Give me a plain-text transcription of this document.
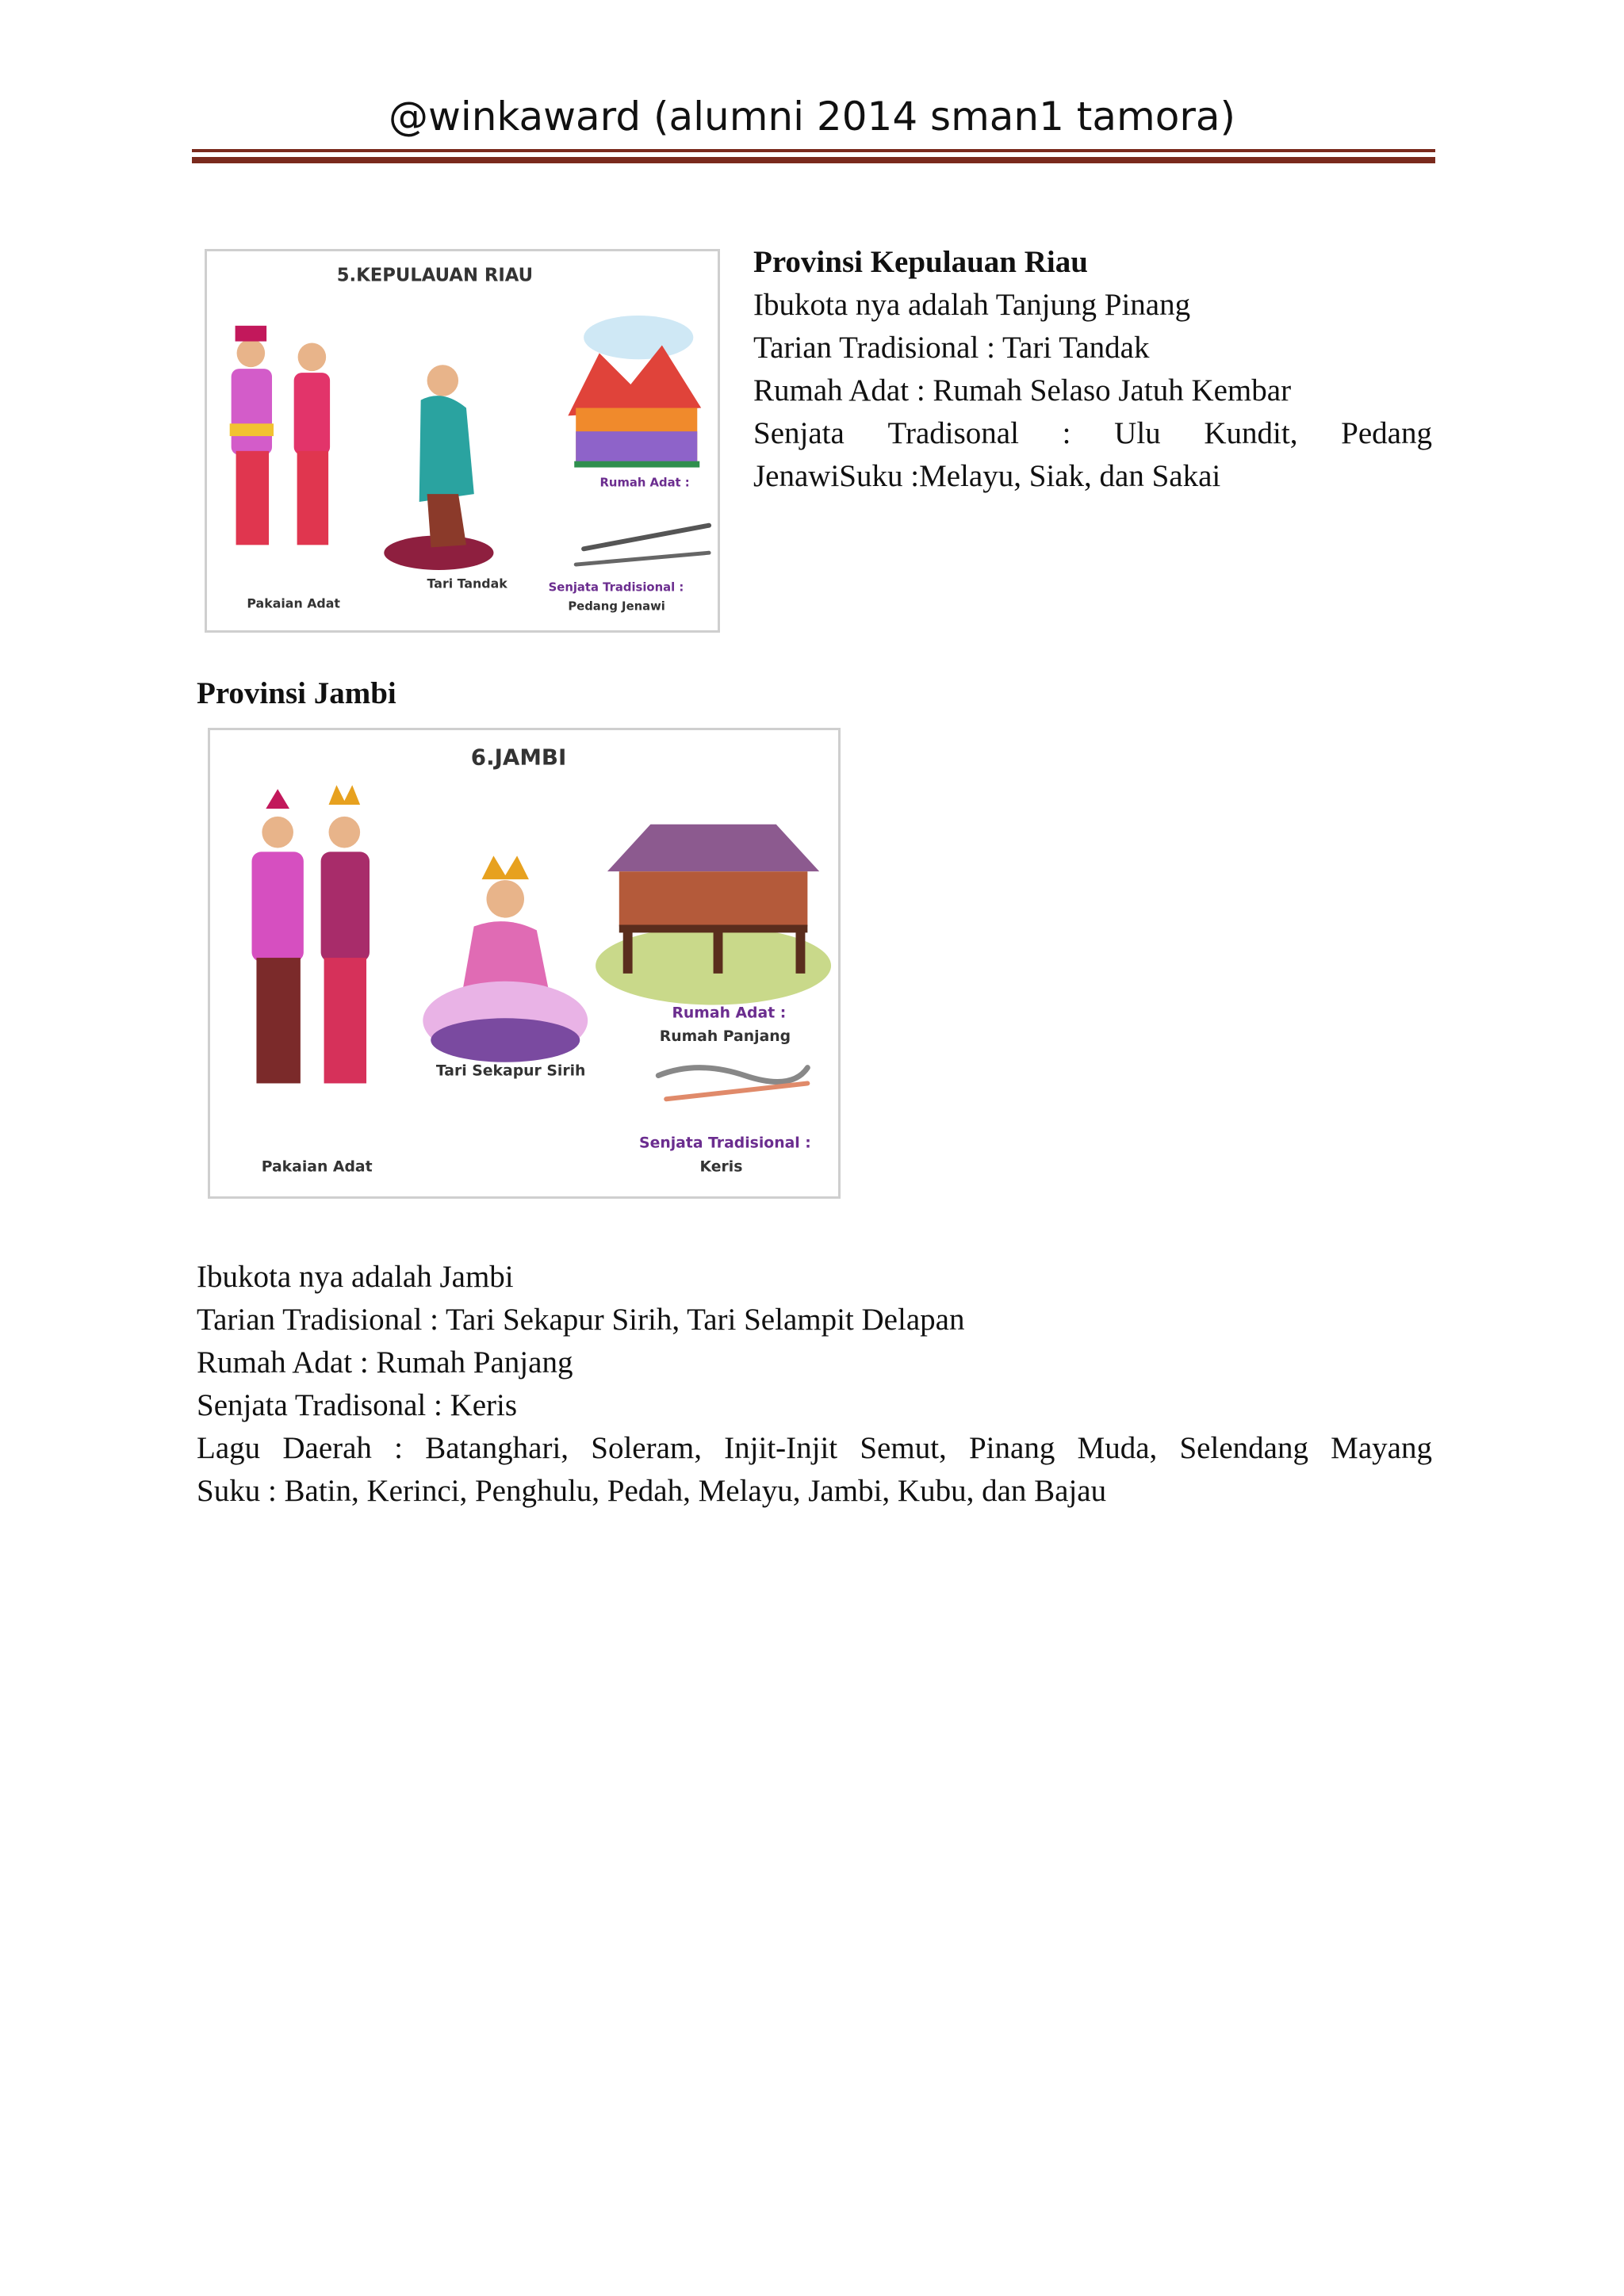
@winkaward (alumni 2014 sman1 tamora)
5.KEPULAUAN RIAU
Rumah Adat :
Pakaian Adat
Tari Tandak	Senjata Tradisional :
Pedang Jenawi
Provinsi Kepulauan Riau
Ibukota nya adalah Tanjung Pinang
Tarian Tradisional : Tari Tandak
Rumah Adat : Rumah Selaso Jatuh Kembar
Senjata Tradisonal : Ulu Kundit, Pedang
JenawiSuku :Melayu, Siak, dan Sakai
Provinsi Jambi
6.JAMBI
Rumah Adat :
Rumah Panjang
Tari Sekapur Sirih
Senjata Tradisional :
Keris
Pakaian Adat
Ibukota nya adalah Jambi
Tarian Tradisional : Tari Sekapur Sirih, Tari Selampit Delapan
Rumah Adat : Rumah Panjang
Senjata Tradisonal : Keris
Lagu Daerah : Batanghari, Soleram, Injit-Injit Semut, Pinang Muda, Selendang Mayang
Suku : Batin, Kerinci, Penghulu, Pedah, Melayu, Jambi, Kubu, dan Bajau
